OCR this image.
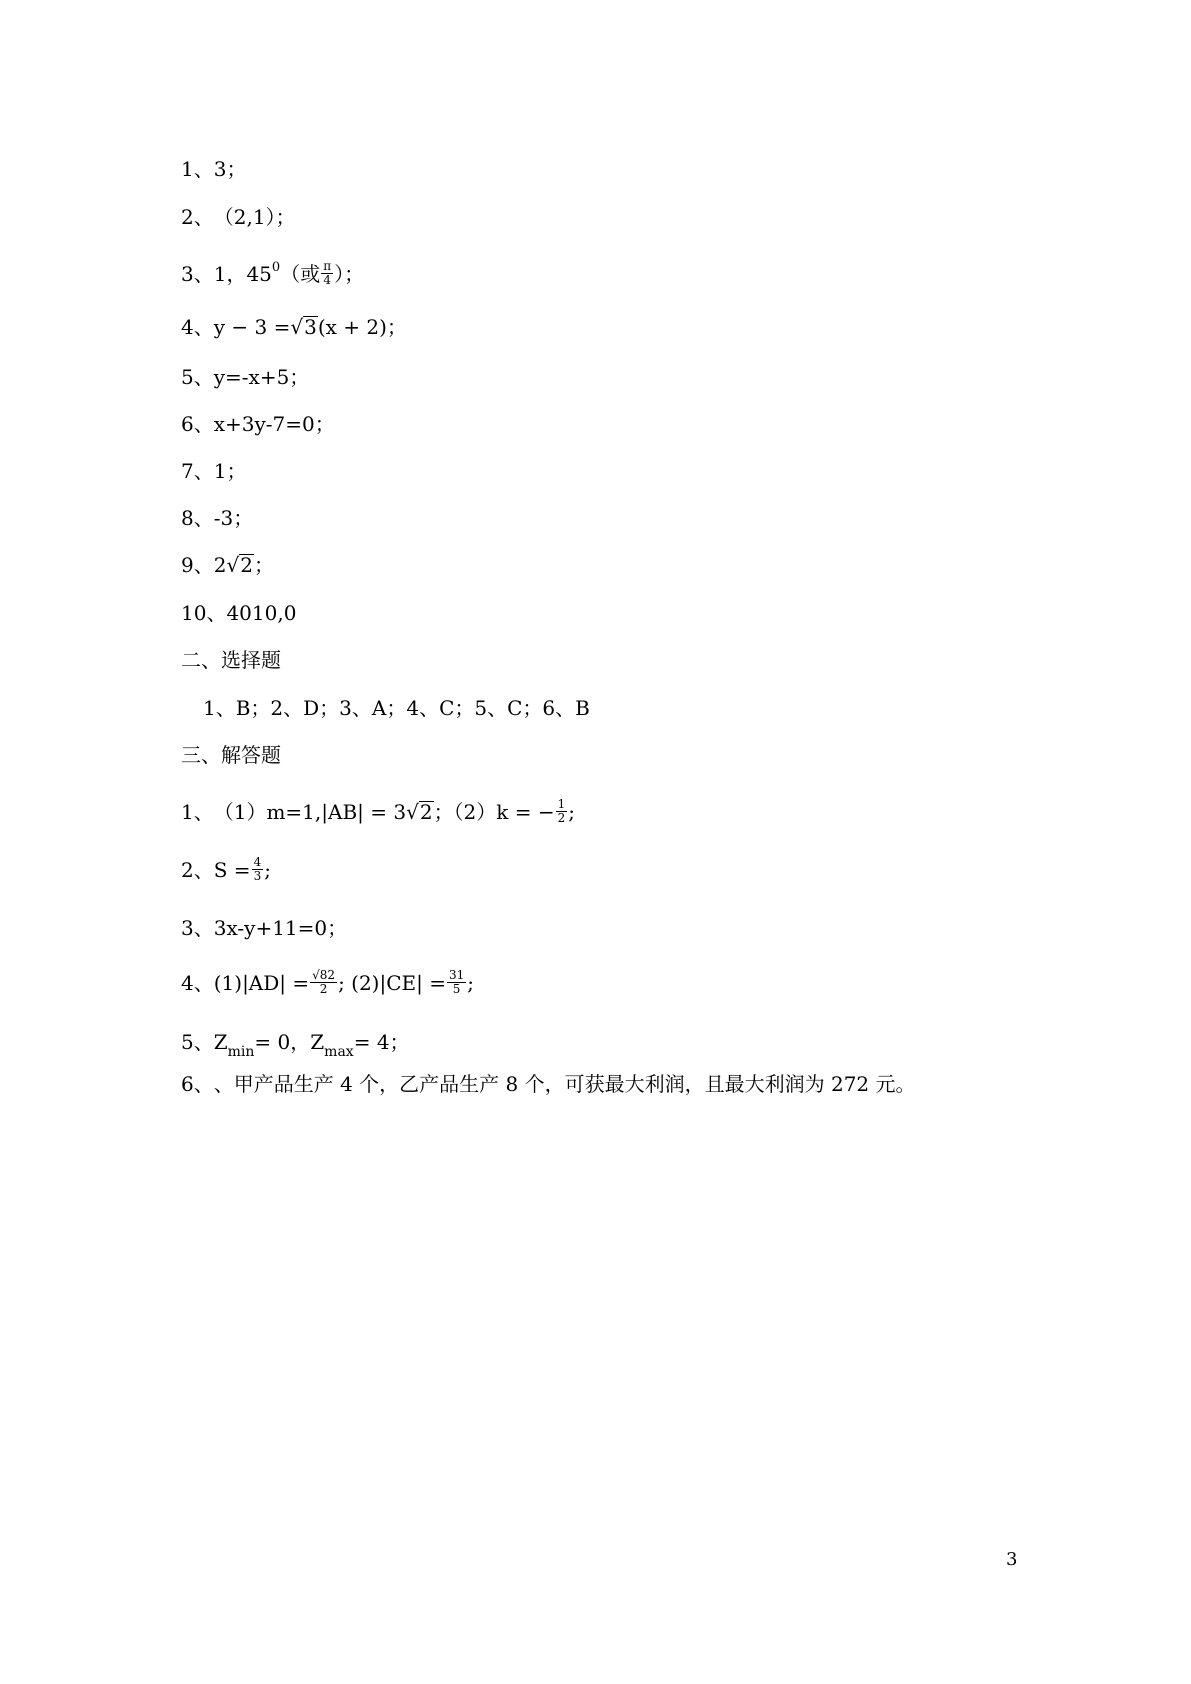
1、3；
2、（2,1）；
3、1，450（或 $\frac{\pi}{4}$ ）；
4、y − 3 =√3(x + 2)；
5、y=-x+5；
6、x+3y-7=0；
7、1；
8、-3；
9、2√2；
10、4010,0
二、选择题
1、B；2、D；3、A；4、C；5、C；6、B
三、解答题
1、（1）m=1,|AB| = 3√2；（2）k = − $\frac{1}{2}$ ;
2、$S = \frac{4}{3}$ ;
3、3x-y+11=0；
4、$(1)|AD| = \frac{√82}{2}$ ; $(2)|CE| = \frac{31}{5}$ ;
5、Zmin= 0，Zmax= 4；
6、、甲产品生产 4 个，乙产品生产 8 个，可获最大利润，且最大利润为 272 元。
3
